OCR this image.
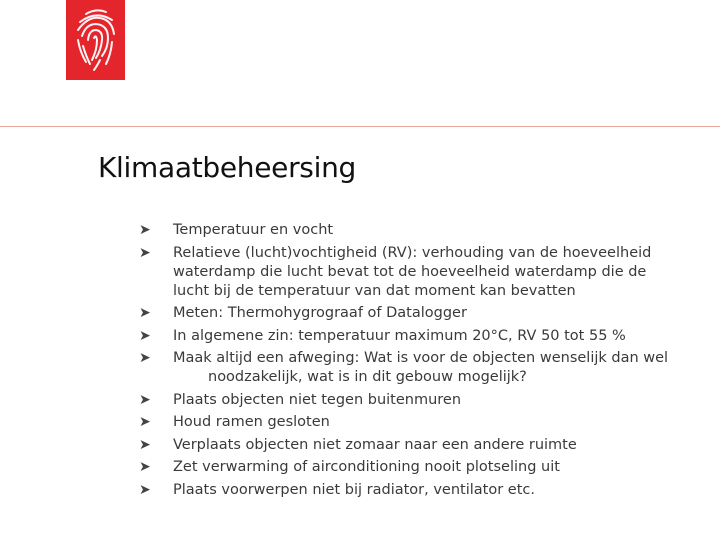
Klimaatbeheersing
➤ Temperatuur en vocht
➤ Relatieve (lucht)vochtigheid (RV): verhouding van de hoeveelheid waterdamp die lucht bevat tot de hoeveelheid waterdamp die de lucht bij de temperatuur van dat moment kan bevatten
➤ Meten: Thermohygrograaf of Datalogger
➤ In algemene zin: temperatuur maximum 20°C, RV 50 tot 55 %
➤ Maak altijd een afweging: Wat is voor de objecten wenselijk dan wel
noodzakelijk, wat is in dit gebouw mogelijk?
➤ Plaats objecten niet tegen buitenmuren
➤ Houd ramen gesloten
➤ Verplaats objecten niet zomaar naar een andere ruimte
➤ Zet verwarming of airconditioning nooit plotseling uit
➤ Plaats voorwerpen niet bij radiator, ventilator etc.
